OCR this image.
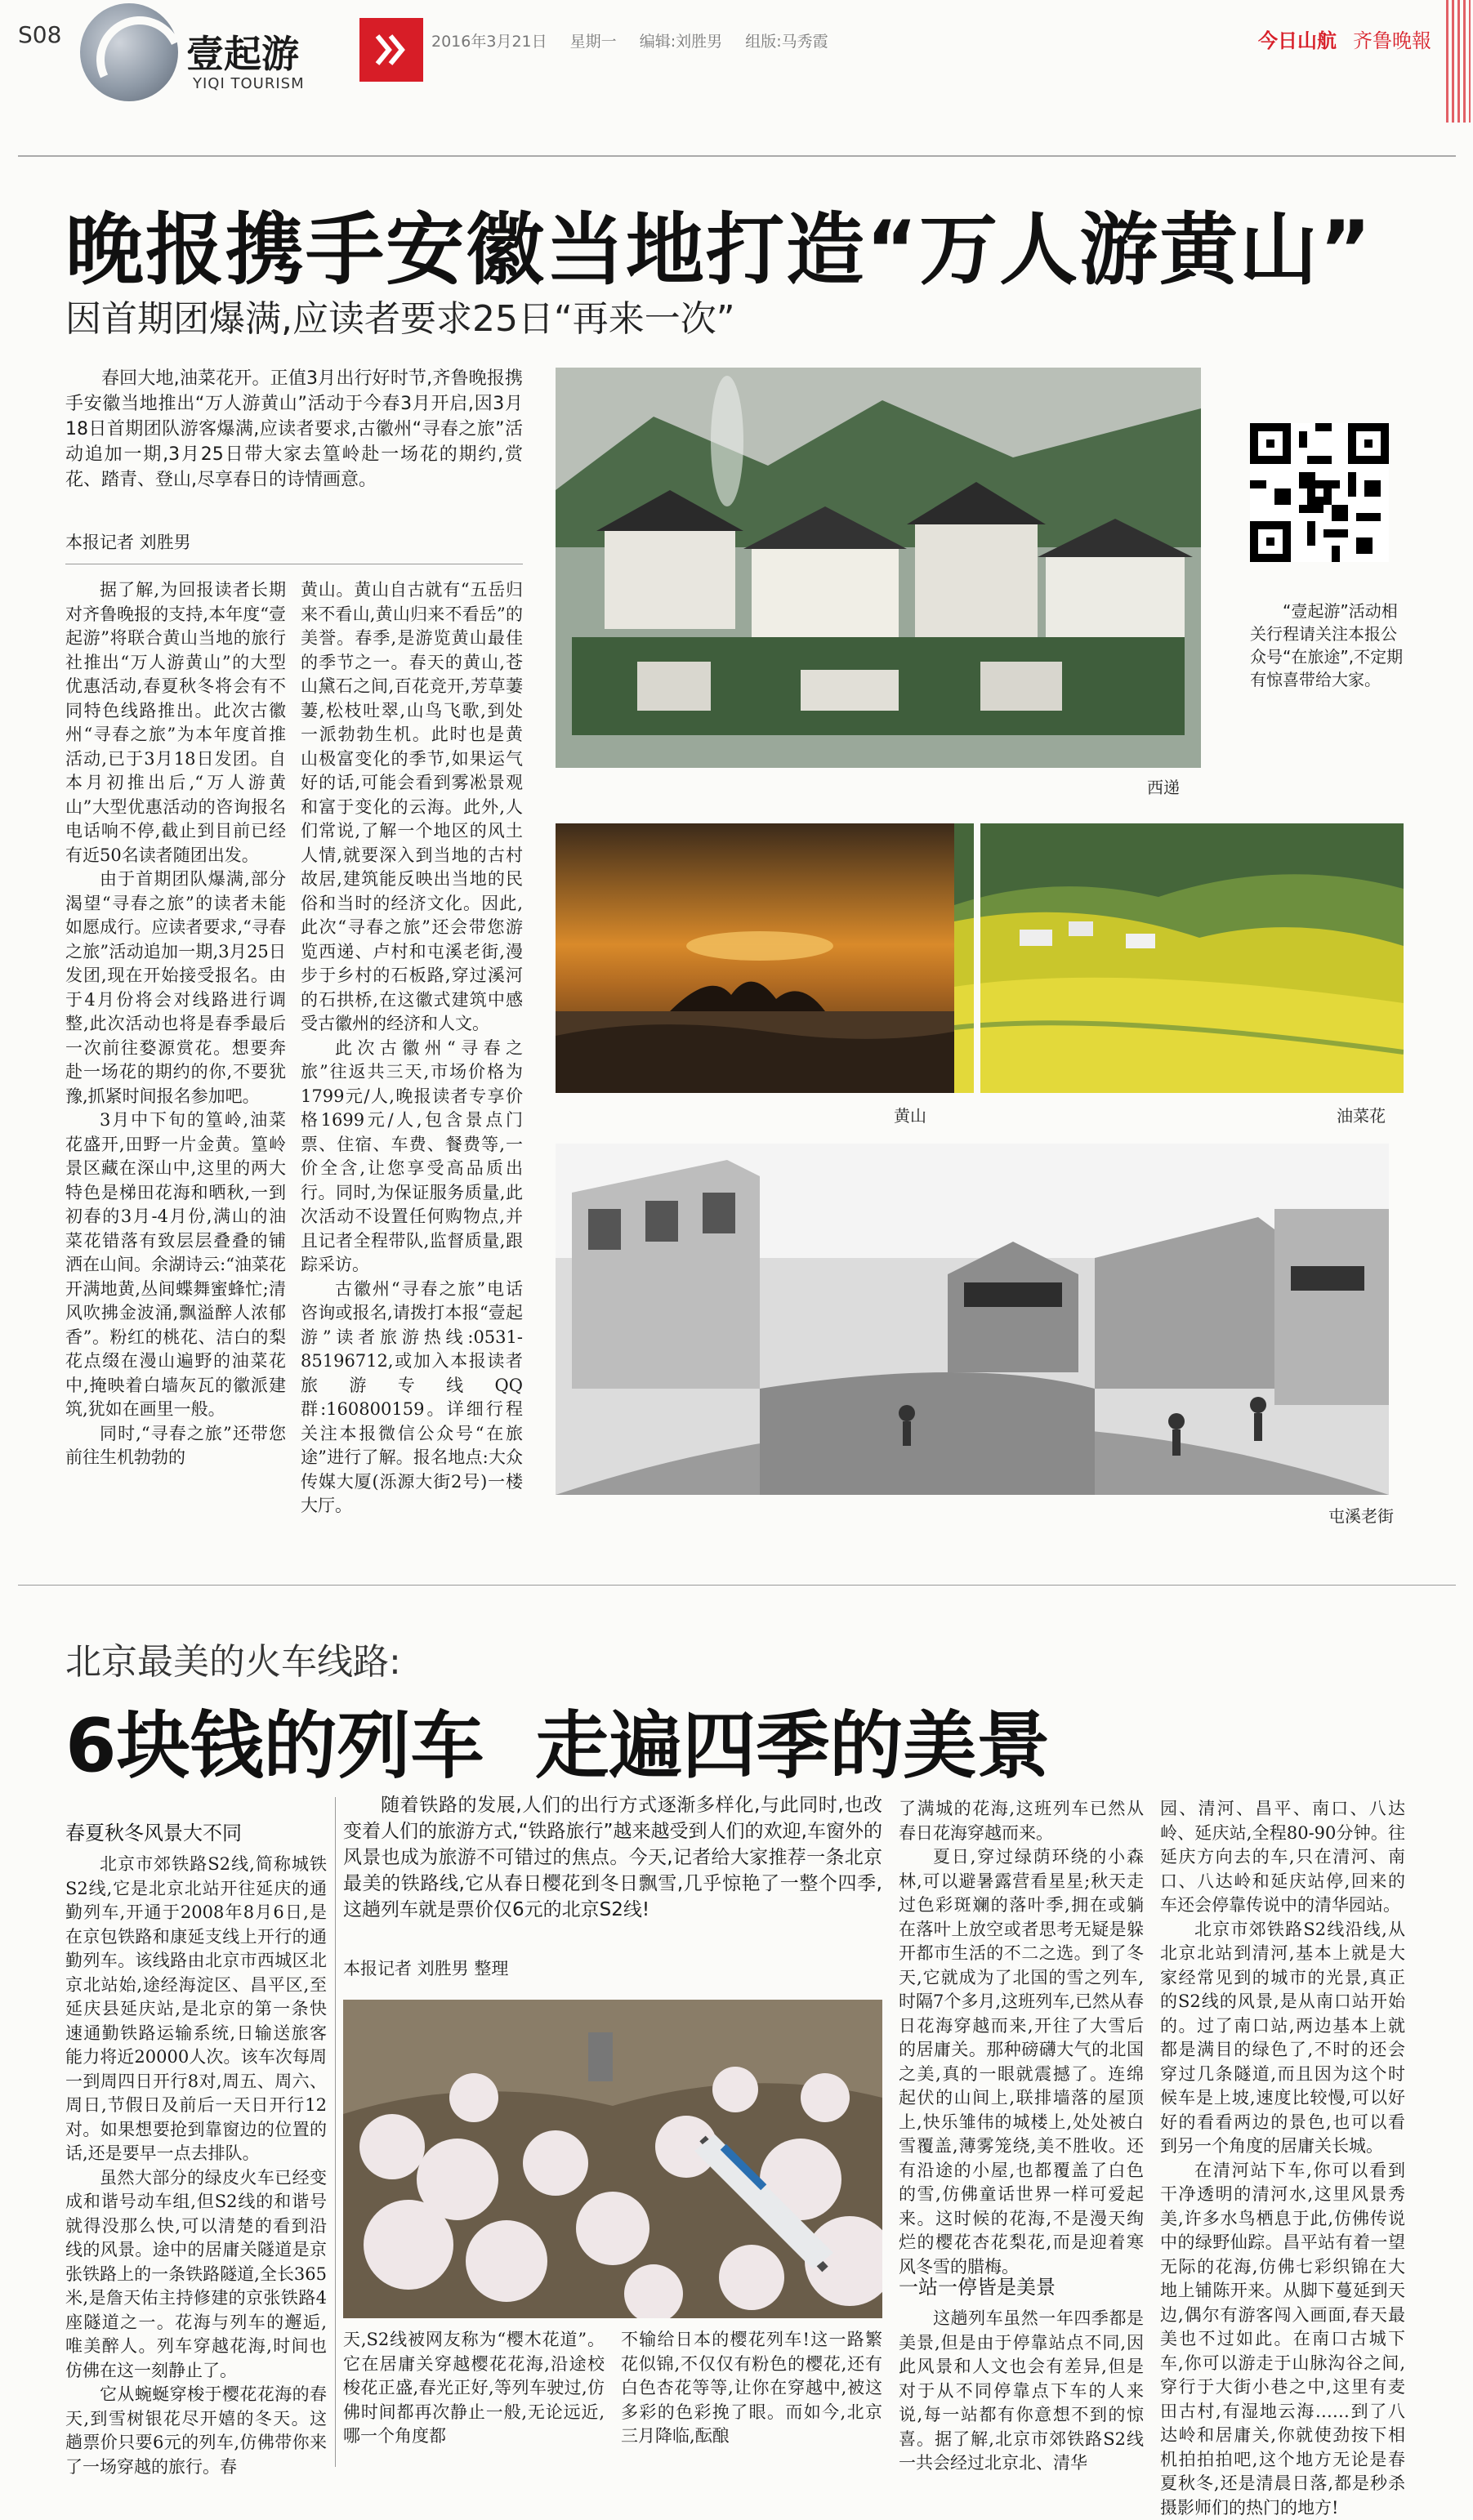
S08	壹起游
YIQI TOURISM
2016年3月21日 星期一 编辑:刘胜男 组版:马秀霞	今日山航 齐鲁晚報
晚报携手安徽当地打造“万人游黄山”
因首期团爆满,应读者要求25日“再来一次”
春回大地,油菜花开。正值3月出行好时节,齐鲁晚报携手安徽当地推出“万人游黄山”活动于今春3月开启,因3月18日首期团队游客爆满,应读者要求,古徽州“寻春之旅”活动追加一期,3月25日带大家去篁岭赴一场花的期约,赏花、踏青、登山,尽享春日的诗情画意。
本报记者 刘胜男

据了解,为回报读者长期对齐鲁晚报的支持,本年度“壹起游”将联合黄山当地的旅行社推出“万人游黄山”的大型优惠活动,春夏秋冬将会有不同特色线路推出。此次古徽州“寻春之旅”为本年度首推活动,已于3月18日发团。自本月初推出后,“万人游黄山”大型优惠活动的咨询报名电话响不停,截止到目前已经有近50名读者随团出发。

由于首期团队爆满,部分渴望“寻春之旅”的读者未能如愿成行。应读者要求,“寻春之旅”活动追加一期,3月25日发团,现在开始接受报名。由于4月份将会对线路进行调整,此次活动也将是春季最后一次前往婺源赏花。想要奔赴一场花的期约的你,不要犹豫,抓紧时间报名参加吧。

3月中下旬的篁岭,油菜花盛开,田野一片金黄。篁岭景区藏在深山中,这里的两大特色是梯田花海和晒秋,一到初春的3月-4月份,满山的油菜花错落有致层层叠叠的铺洒在山间。余湖诗云:“油菜花开满地黄,丛间蝶舞蜜蜂忙;清风吹拂金波涌,飘溢醉人浓郁香”。粉红的桃花、洁白的梨花点缀在漫山遍野的油菜花中,掩映着白墙灰瓦的徽派建筑,犹如在画里一般。

同时,“寻春之旅”还带您前往生机勃勃的

黄山。黄山自古就有“五岳归来不看山,黄山归来不看岳”的美誉。春季,是游览黄山最佳的季节之一。春天的黄山,苍山黛石之间,百花竞开,芳草萋萋,松枝吐翠,山鸟飞歌,到处一派勃勃生机。此时也是黄山极富变化的季节,如果运气好的话,可能会看到雾凇景观和富于变化的云海。此外,人们常说,了解一个地区的风土人情,就要深入到当地的古村故居,建筑能反映出当地的民俗和当时的经济文化。因此,此次“寻春之旅”还会带您游览西递、卢村和屯溪老街,漫步于乡村的石板路,穿过溪河的石拱桥,在这徽式建筑中感受古徽州的经济和人文。

此次古徽州“寻春之旅”往返共三天,市场价格为1799元/人,晚报读者专享价格1699元/人,包含景点门票、住宿、车费、餐费等,一价全含,让您享受高品质出行。同时,为保证服务质量,此次活动不设置任何购物点,并且记者全程带队,监督质量,跟踪采访。

古徽州“寻春之旅”电话咨询或报名,请拨打本报“壹起游”读者旅游热线:0531-85196712,或加入本报读者旅游专线QQ群:160800159。详细行程关注本报微信公众号“在旅途”进行了解。报名地点:大众传媒大厦(泺源大街2号)一楼大厅。

西递
“壹起游”活动相关行程请关注本报公众号“在旅途”,不定期有惊喜带给大家。
黄山	油菜花
屯溪老街
北京最美的火车线路:
6块钱的列车  走遍四季的美景
春夏秋冬风景大不同

北京市郊铁路S2线,简称城铁S2线,它是北京北站开往延庆的通勤列车,开通于2008年8月6日,是在京包铁路和康延支线上开行的通勤列车。该线路由北京市西城区北京北站始,途经海淀区、昌平区,至延庆县延庆站,是北京的第一条快速通勤铁路运输系统,日输送旅客能力将近20000人次。该车次每周一到周四日开行8对,周五、周六、周日,节假日及前后一天日开行12对。如果想要抢到靠窗边的位置的话,还是要早一点去排队。

虽然大部分的绿皮火车已经变成和谐号动车组,但S2线的和谐号就得没那么快,可以清楚的看到沿线的风景。途中的居庸关隧道是京张铁路上的一条铁路隧道,全长365米,是詹天佑主持修建的京张铁路4座隧道之一。花海与列车的邂逅,唯美醉人。列车穿越花海,时间也仿佛在这一刻静止了。

它从蜿蜒穿梭于樱花花海的春天,到雪树银花尽开嬉的冬天。这趟票价只要6元的列车,仿佛带你来了一场穿越的旅行。春

随着铁路的发展,人们的出行方式逐渐多样化,与此同时,也改变着人们的旅游方式,“铁路旅行”越来越受到人们的欢迎,车窗外的风景也成为旅游不可错过的焦点。今天,记者给大家推荐一条北京最美的铁路线,它从春日樱花到冬日飘雪,几乎惊艳了一整个四季,这趟列车就是票价仅6元的北京S2线!
本报记者 刘胜男 整理

天,S2线被网友称为“樱木花道”。它在居庸关穿越樱花花海,沿途校梭花正盛,春光正好,等列车驶过,仿佛时间都再次静止一般,无论远近,哪一个角度都

不输给日本的樱花列车!这一路繁花似锦,不仅仅有粉色的樱花,还有白色杏花等等,让你在穿越中,被这多彩的色彩挽了眼。而如今,北京三月降临,酝酿

了满城的花海,这班列车已然从春日花海穿越而来。

夏日,穿过绿荫环绕的小森林,可以避暑露营看星星;秋天走过色彩斑斓的落叶季,拥在或躺在落叶上放空或者思考无疑是躲开都市生活的不二之选。到了冬天,它就成为了北国的雪之列车,时隔7个多月,这班列车,已然从春日花海穿越而来,开往了大雪后的居庸关。那种磅礴大气的北国之美,真的一眼就震撼了。连绵起伏的山间上,联排墙落的屋顶上,快乐雏伟的城楼上,处处被白雪覆盖,薄雾笼绕,美不胜收。还有沿途的小屋,也都覆盖了白色的雪,仿佛童话世界一样可爱起来。这时候的花海,不是漫天绚烂的樱花杏花梨花,而是迎着寒风冬雪的腊梅。

一站一停皆是美景

这趟列车虽然一年四季都是美景,但是由于停靠站点不同,因此风景和人文也会有差异,但是对于从不同停靠点下车的人来说,每一站都有你意想不到的惊喜。据了解,北京市郊铁路S2线一共会经过北京北、清华

园、清河、昌平、南口、八达岭、延庆站,全程80-90分钟。往延庆方向去的车,只在清河、南口、八达岭和延庆站停,回来的车还会停靠传说中的清华园站。

北京市郊铁路S2线沿线,从北京北站到清河,基本上就是大家经常见到的城市的光景,真正的S2线的风景,是从南口站开始的。过了南口站,两边基本上就都是满目的绿色了,不时的还会穿过几条隧道,而且因为这个时候车是上坡,速度比较慢,可以好好的看看两边的景色,也可以看到另一个角度的居庸关长城。

在清河站下车,你可以看到干净透明的清河水,这里风景秀美,许多水鸟栖息于此,仿佛传说中的绿野仙踪。昌平站有着一望无际的花海,仿佛七彩织锦在大地上铺陈开来。从脚下蔓延到天边,偶尔有游客闯入画面,春天最美也不过如此。在南口古城下车,你可以游走于山脉沟谷之间,穿行于大街小巷之中,这里有麦田古村,有湿地云海……到了八达岭和居庸关,你就使劲按下相机拍拍拍吧,这个地方无论是春夏秋冬,还是清晨日落,都是秒杀摄影师们的热门的地方!
